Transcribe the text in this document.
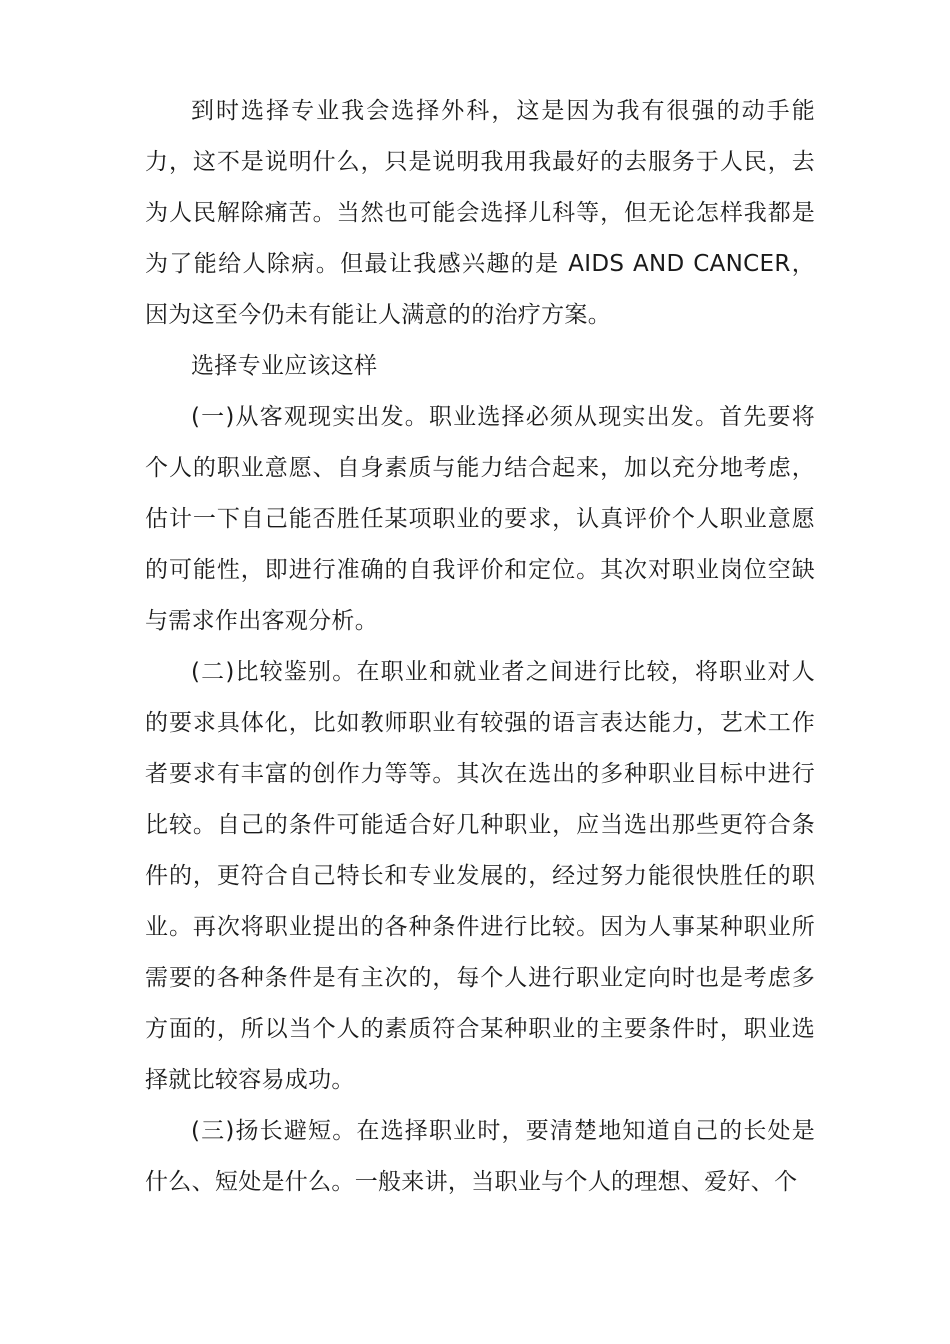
到时选择专业我会选择外科，这是因为我有很强的动手能力，这不是说明什么，只是说明我用我最好的去服务于人民，去为人民解除痛苦。当然也可能会选择儿科等，但无论怎样我都是为了能给人除病。但最让我感兴趣的是 AIDS AND CANCER，因为这至今仍未有能让人满意的的治疗方案。

选择专业应该这样

(一)从客观现实出发。职业选择必须从现实出发。首先要将个人的职业意愿、自身素质与能力结合起来，加以充分地考虑，估计一下自己能否胜任某项职业的要求，认真评价个人职业意愿的可能性，即进行准确的自我评价和定位。其次对职业岗位空缺与需求作出客观分析。

(二)比较鉴别。在职业和就业者之间进行比较，将职业对人的要求具体化，比如教师职业有较强的语言表达能力，艺术工作者要求有丰富的创作力等等。其次在选出的多种职业目标中进行比较。自己的条件可能适合好几种职业，应当选出那些更符合条件的，更符合自己特长和专业发展的，经过努力能很快胜任的职业。再次将职业提出的各种条件进行比较。因为人事某种职业所需要的各种条件是有主次的，每个人进行职业定向时也是考虑多方面的，所以当个人的素质符合某种职业的主要条件时，职业选择就比较容易成功。

(三)扬长避短。在选择职业时，要清楚地知道自己的长处是什么、短处是什么。一般来讲，当职业与个人的理想、爱好、个
